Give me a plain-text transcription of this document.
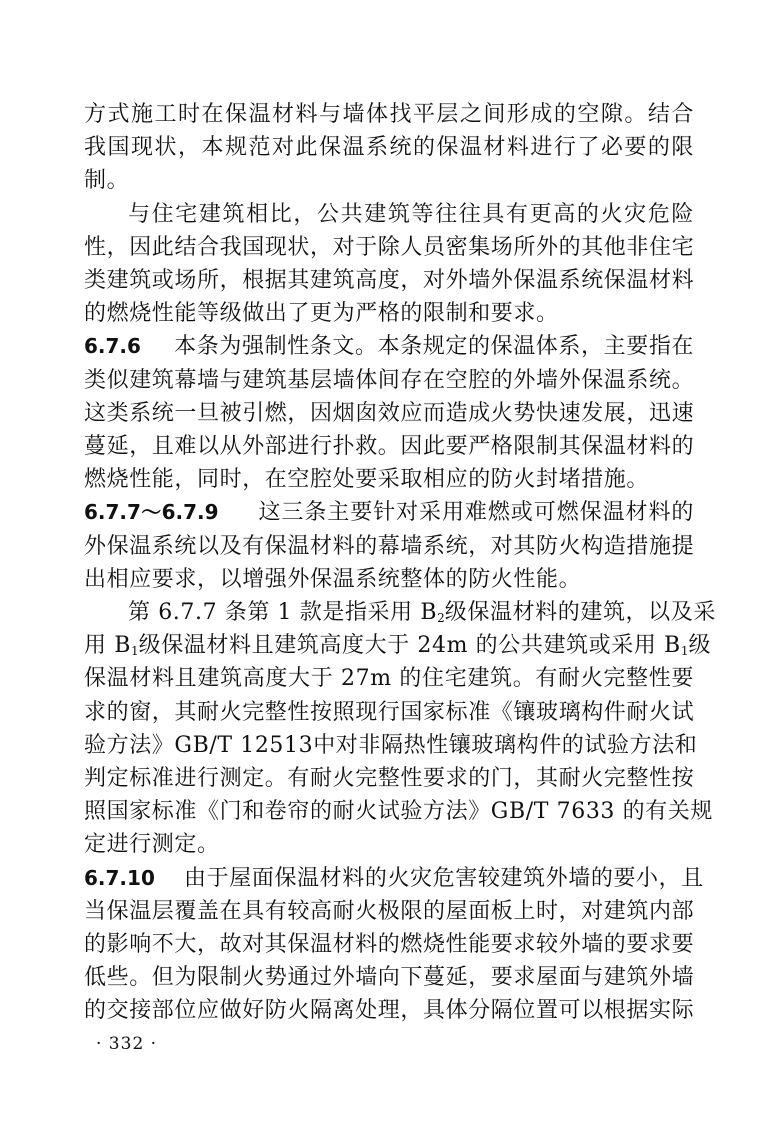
方式施工时在保温材料与墙体找平层之间形成的空隙。结合
我国现状，本规范对此保温系统的保温材料进行了必要的限
制。
与住宅建筑相比，公共建筑等往往具有更高的火灾危险
性，因此结合我国现状，对于除人员密集场所外的其他非住宅
类建筑或场所，根据其建筑高度，对外墙外保温系统保温材料
的燃烧性能等级做出了更为严格的限制和要求。
6.7.6 本条为强制性条文。本条规定的保温体系，主要指在
类似建筑幕墙与建筑基层墙体间存在空腔的外墙外保温系统。
这类系统一旦被引燃，因烟囱效应而造成火势快速发展，迅速
蔓延，且难以从外部进行扑救。因此要严格限制其保温材料的
燃烧性能，同时，在空腔处要采取相应的防火封堵措施。
6.7.7～6.7.9 这三条主要针对采用难燃或可燃保温材料的
外保温系统以及有保温材料的幕墙系统，对其防火构造措施提
出相应要求，以增强外保温系统整体的防火性能。
第 6.7.7 条第 1 款是指采用 $B_2$级保温材料的建筑，以及采
用 $B_1$级保温材料且建筑高度大于 24m 的公共建筑或采用 $B_1$级
保温材料且建筑高度大于 27m 的住宅建筑。有耐火完整性要
求的窗，其耐火完整性按照现行国家标准《镶玻璃构件耐火试
验方法》GB/T 12513中对非隔热性镶玻璃构件的试验方法和
判定标准进行测定。有耐火完整性要求的门，其耐火完整性按
照国家标准《门和卷帘的耐火试验方法》GB/T 7633 的有关规
定进行测定。
6.7.10 由于屋面保温材料的火灾危害较建筑外墙的要小，且
当保温层覆盖在具有较高耐火极限的屋面板上时，对建筑内部
的影响不大，故对其保温材料的燃烧性能要求较外墙的要求要
低些。但为限制火势通过外墙向下蔓延，要求屋面与建筑外墙
的交接部位应做好防火隔离处理，具体分隔位置可以根据实际
· 332 ·
